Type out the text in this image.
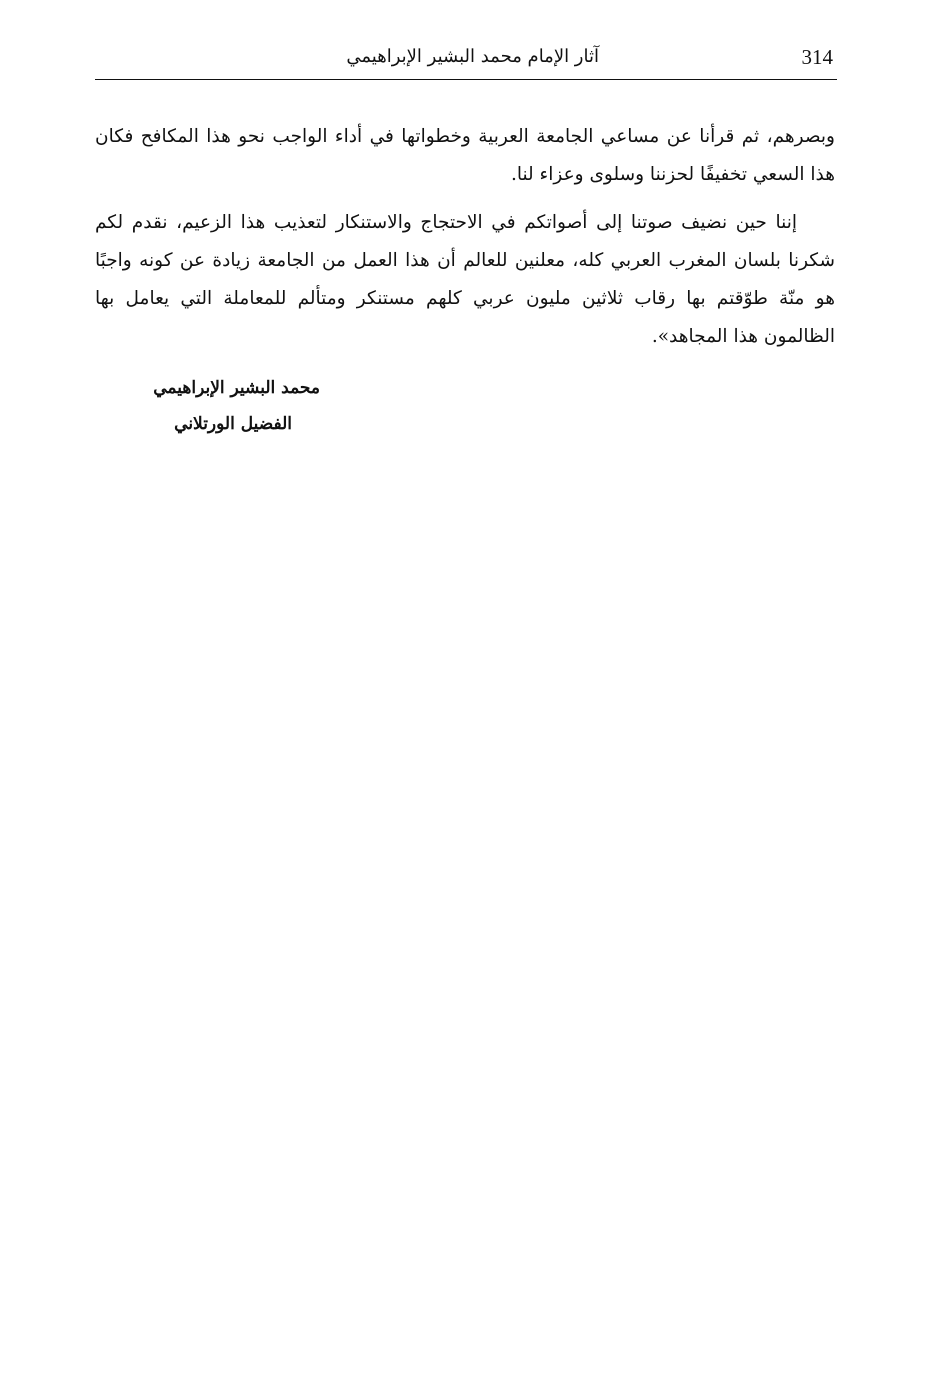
314
آثار الإمام محمد البشير الإبراهيمي

وبصرهم، ثم قرأنا عن مساعي الجامعة العربية وخطواتها في أداء الواجب نحو هذا المكافح فكان هذا السعي تخفيفًا لحزننا وسلوى وعزاء لنا.

إننا حين نضيف صوتنا إلى أصواتكم في الاحتجاج والاستنكار لتعذيب هذا الزعيم، نقدم لكم شكرنا بلسان المغرب العربي كله، معلنين للعالم أن هذا العمل من الجامعة زيادة عن كونه واجبًا هو منّة طوّقتم بها رقاب ثلاثين مليون عربي كلهم مستنكر ومتألم للمعاملة التي يعامل بها الظالمون هذا المجاهد».

محمد البشير الإبراهيمي
الفضيل الورتلاني
